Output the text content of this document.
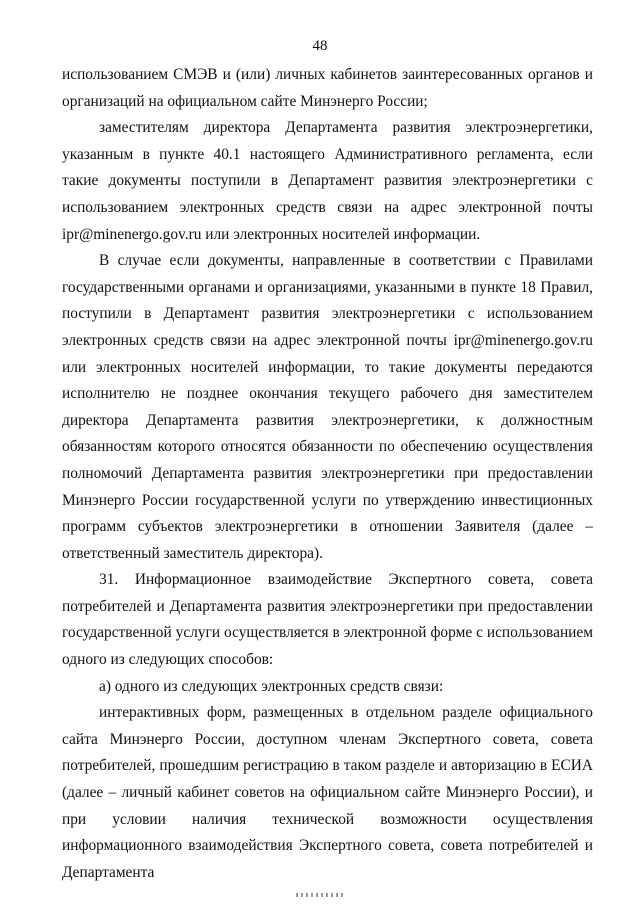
48

использованием СМЭВ и (или) личных кабинетов заинтересованных органов и организаций на официальном сайте Минэнерго России;

заместителям директора Департамента развития электроэнергетики, указанным в пункте 40.1 настоящего Административного регламента, если такие документы поступили в Департамент развития электроэнергетики с использованием электронных средств связи на адрес электронной почты ipr@minenergo.gov.ru или электронных носителей информации.

В случае если документы, направленные в соответствии с Правилами государственными органами и организациями, указанными в пункте 18 Правил, поступили в Департамент развития электроэнергетики с использованием электронных средств связи на адрес электронной почты ipr@minenergo.gov.ru или электронных носителей информации, то такие документы передаются исполнителю не позднее окончания текущего рабочего дня заместителем директора Департамента развития электроэнергетики, к должностным обязанностям которого относятся обязанности по обеспечению осуществления полномочий Департамента развития электроэнергетики при предоставлении Минэнерго России государственной услуги по утверждению инвестиционных программ субъектов электроэнергетики в отношении Заявителя (далее – ответственный заместитель директора).

31. Информационное взаимодействие Экспертного совета, совета потребителей и Департамента развития электроэнергетики при предоставлении государственной услуги осуществляется в электронной форме с использованием одного из следующих способов:

а) одного из следующих электронных средств связи:

интерактивных форм, размещенных в отдельном разделе официального сайта Минэнерго России, доступном членам Экспертного совета, совета потребителей, прошедшим регистрацию в таком разделе и авторизацию в ЕСИА (далее – личный кабинет советов на официальном сайте Минэнерго России), и при условии наличия технической возможности осуществления информационного взаимодействия Экспертного совета, совета потребителей и Департамента
